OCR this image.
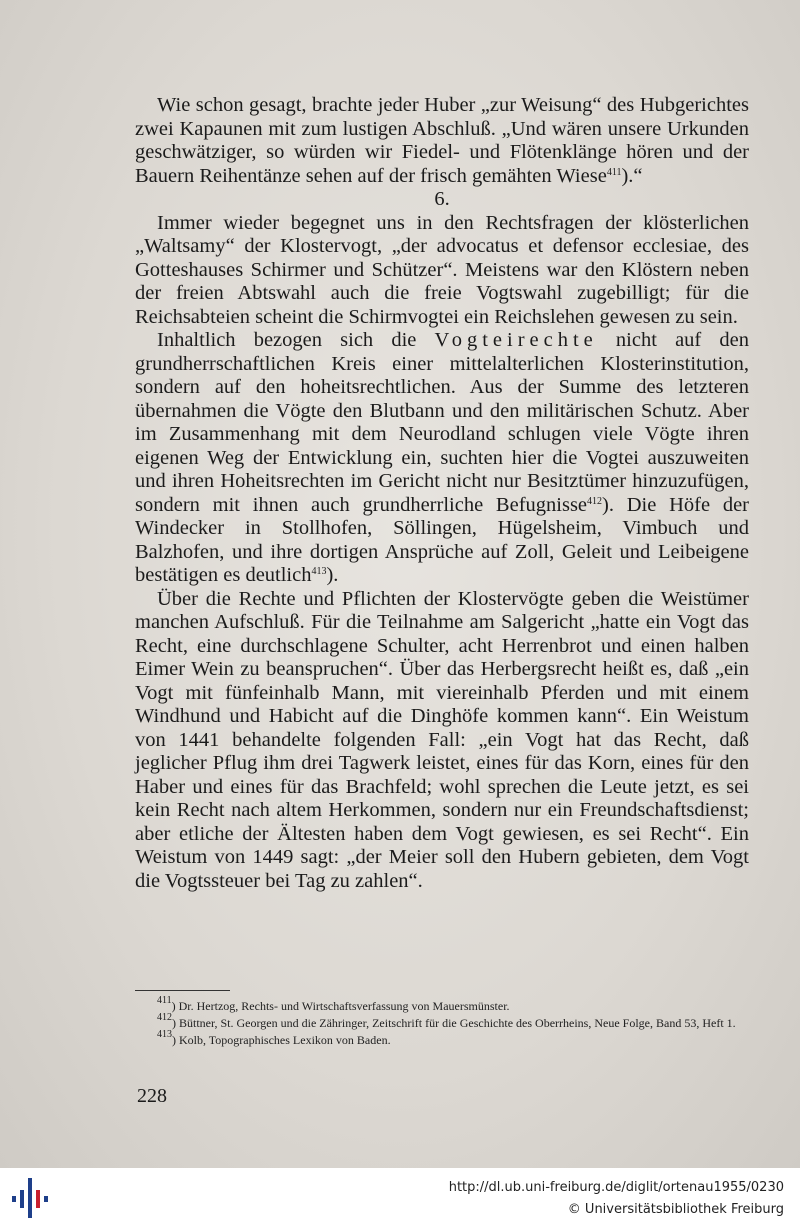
Wie schon gesagt, brachte jeder Huber „zur Weisung“ des Hubgerichtes zwei Kapaunen mit zum lustigen Abschluß. „Und wären unsere Urkunden geschwätziger, so würden wir Fiedel- und Flötenklänge hören und der Bauern Reihentänze sehen auf der frisch gemähten Wiese$^{411}$).“

6.

Immer wieder begegnet uns in den Rechtsfragen der klösterlichen „Waltsamy“ der Klostervogt, „der advocatus et defensor ecclesiae, des Gotteshauses Schirmer und Schützer“. Meistens war den Klöstern neben der freien Abtswahl auch die freie Vogtswahl zugebilligt; für die Reichsabteien scheint die Schirmvogtei ein Reichslehen gewesen zu sein.

Inhaltlich bezogen sich die Vogteirechte nicht auf den grundherrschaftlichen Kreis einer mittelalterlichen Klosterinstitution, sondern auf den hoheitsrechtlichen. Aus der Summe des letzteren übernahmen die Vögte den Blutbann und den militärischen Schutz. Aber im Zusammenhang mit dem Neurodland schlugen viele Vögte ihren eigenen Weg der Entwicklung ein, suchten hier die Vogtei auszuweiten und ihren Hoheitsrechten im Gericht nicht nur Besitztümer hinzuzufügen, sondern mit ihnen auch grundherrliche Befugnisse$^{412}$). Die Höfe der Windecker in Stollhofen, Söllingen, Hügelsheim, Vimbuch und Balzhofen, und ihre dortigen Ansprüche auf Zoll, Geleit und Leibeigene bestätigen es deutlich$^{413}$).

Über die Rechte und Pflichten der Klostervögte geben die Weistümer manchen Aufschluß. Für die Teilnahme am Salgericht „hatte ein Vogt das Recht, eine durchschlagene Schulter, acht Herrenbrot und einen halben Eimer Wein zu beanspruchen“. Über das Herbergsrecht heißt es, daß „ein Vogt mit fünfeinhalb Mann, mit viereinhalb Pferden und mit einem Windhund und Habicht auf die Dinghöfe kommen kann“. Ein Weistum von 1441 behandelte folgenden Fall: „ein Vogt hat das Recht, daß jeglicher Pflug ihm drei Tagwerk leistet, eines für das Korn, eines für den Haber und eines für das Brachfeld; wohl sprechen die Leute jetzt, es sei kein Recht nach altem Herkommen, sondern nur ein Freundschaftsdienst; aber etliche der Ältesten haben dem Vogt gewiesen, es sei Recht“. Ein Weistum von 1449 sagt: „der Meier soll den Hubern gebieten, dem Vogt die Vogtssteuer bei Tag zu zahlen“.

$^{411}$) Dr. Hertzog, Rechts- und Wirtschaftsverfassung von Mauersmünster.

$^{412}$) Büttner, St. Georgen und die Zähringer, Zeitschrift für die Geschichte des Oberrheins, Neue Folge, Band 53, Heft 1.

$^{413}$) Kolb, Topographisches Lexikon von Baden.

228
http://dl.ub.uni-freiburg.de/diglit/ortenau1955/0230
© Universitätsbibliothek Freiburg
